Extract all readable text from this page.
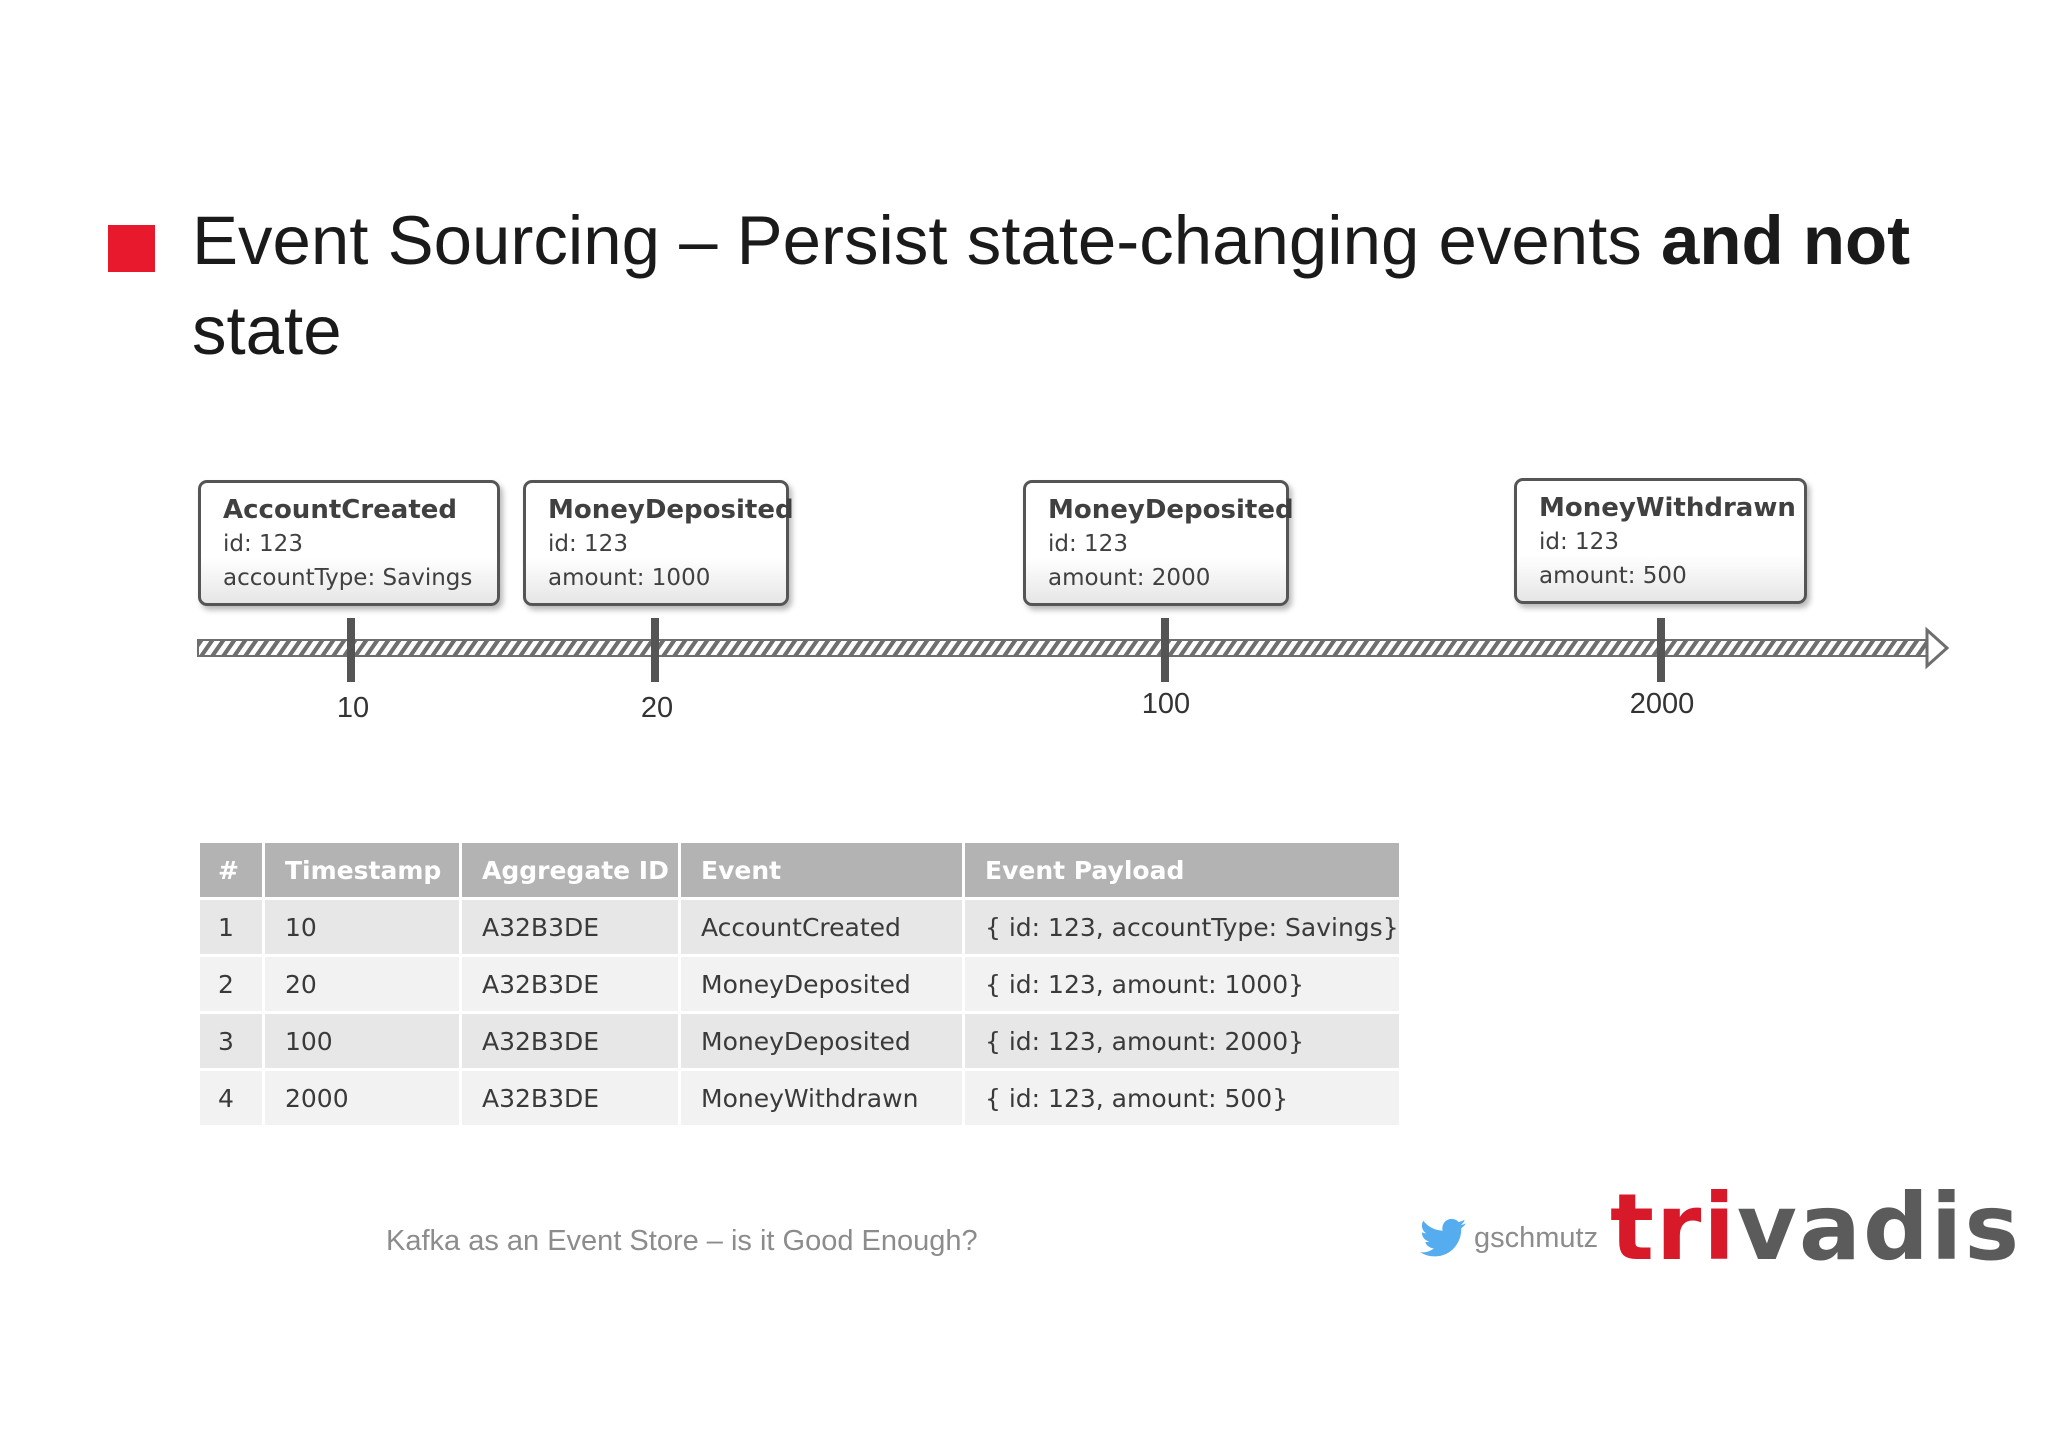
Event Sourcing – Persist state-changing events and not state
AccountCreated
id: 123
accountType: Savings
MoneyDeposited
id: 123
amount: 1000
MoneyDeposited
id: 123
amount: 2000
MoneyWithdrawn
id: 123
amount: 500
10	20	100	2000
#	Timestamp	Aggregate ID	Event	Event Payload
1	10	A32B3DE	AccountCreated	{ id: 123, accountType: Savings}
2	20	A32B3DE	MoneyDeposited	{ id: 123, amount: 1000}
3	100	A32B3DE	MoneyDeposited	{ id: 123, amount: 2000}
4	2000	A32B3DE	MoneyWithdrawn	{ id: 123, amount: 500}
Kafka as an Event Store – is it Good Enough?	gschmutz trivadis
